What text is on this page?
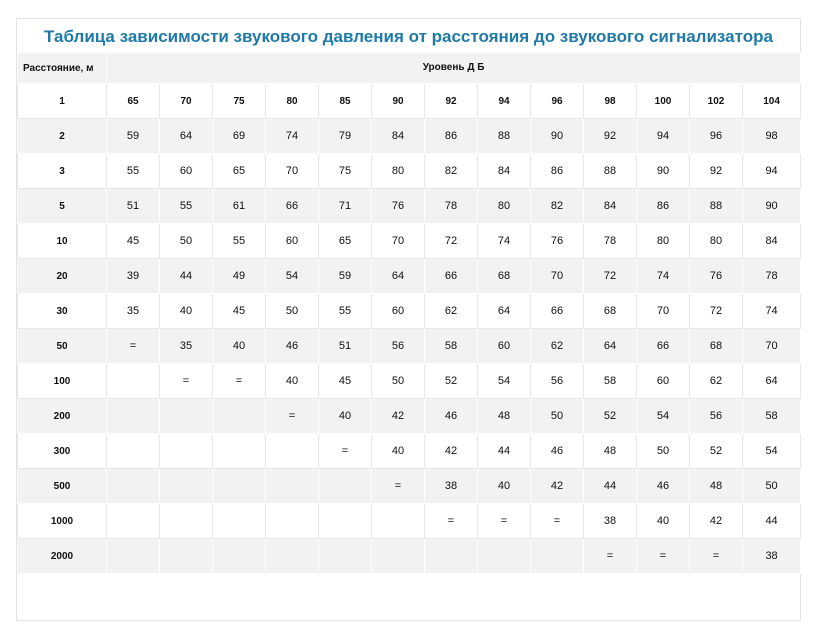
Таблица зависимости звукового давления от расстояния до звукового сигнализатора
Расстояние, м	Уровень Д Б												
1	65	70	75	80	85	90	92	94	96	98	100	102	104
2	59	64	69	74	79	84	86	88	90	92	94	96	98
3	55	60	65	70	75	80	82	84	86	88	90	92	94
5	51	55	61	66	71	76	78	80	82	84	86	88	90
10	45	50	55	60	65	70	72	74	76	78	80	80	84
20	39	44	49	54	59	64	66	68	70	72	74	76	78
30	35	40	45	50	55	60	62	64	66	68	70	72	74
50	=	35	40	46	51	56	58	60	62	64	66	68	70
100		=	=	40	45	50	52	54	56	58	60	62	64
200				=	40	42	46	48	50	52	54	56	58
300					=	40	42	44	46	48	50	52	54
500						=	38	40	42	44	46	48	50
1000							=	=	=	38	40	42	44
2000										=	=	=	38
